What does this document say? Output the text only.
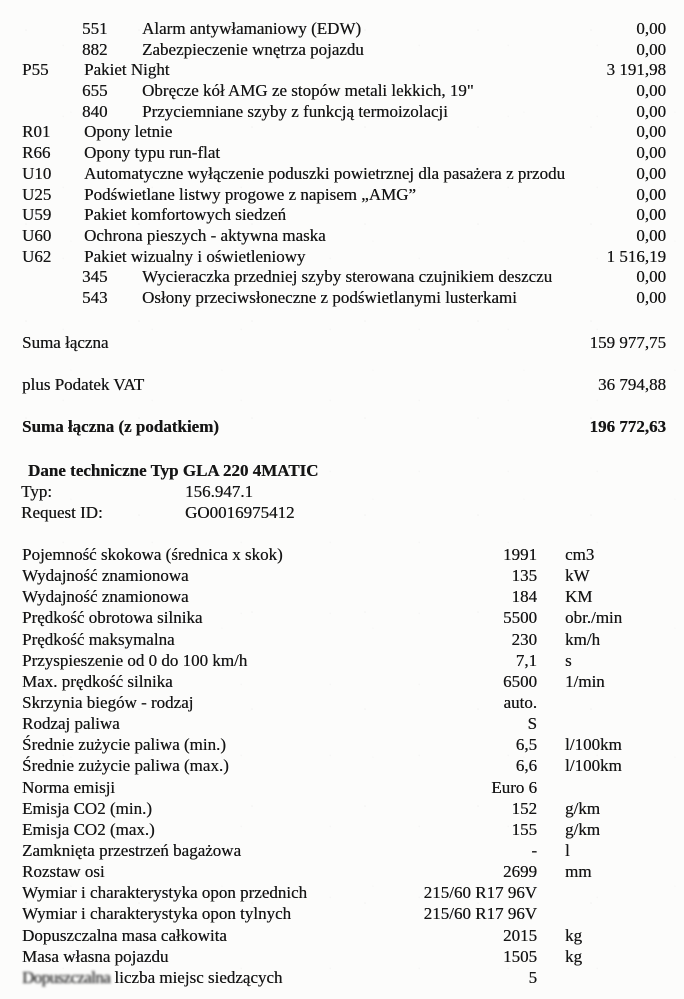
551 Alarm antywłamaniowy (EDW)	0,00
882 Zabezpieczenie wnętrza pojazdu	0,00
P55 Pakiet Night	3 191,98
655 Obręcze kół AMG ze stopów metali lekkich, 19"	0,00
840 Przyciemniane szyby z funkcją termoizolacji	0,00
R01 Opony letnie	0,00
R66 Opony typu run-flat	0,00
U10 Automatyczne wyłączenie poduszki powietrznej dla pasażera z przodu	0,00
U25 Podświetlane listwy progowe z napisem „AMG”	0,00
U59 Pakiet komfortowych siedzeń	0,00
U60 Ochrona pieszych - aktywna maska	0,00
U62 Pakiet wizualny i oświetleniowy	1 516,19
345 Wycieraczka przedniej szyby sterowana czujnikiem deszczu	0,00
543 Osłony przeciwsłoneczne z podświetlanymi lusterkami	0,00
Suma łączna	159 977,75
plus Podatek VAT	36 794,88
Suma łączna (z podatkiem)	196 772,63
Dane techniczne Typ GLA 220 4MATIC
Typ:	156.947.1
Request ID:	GO0016975412
Pojemność skokowa (średnica x skok)	1991 cm3
Wydajność znamionowa	135 kW
Wydajność znamionowa	184 KM
Prędkość obrotowa silnika	5500 obr./min
Prędkość maksymalna	230 km/h
Przyspieszenie od 0 do 100 km/h	7,1 s
Max. prędkość silnika	6500 1/min
Skrzynia biegów - rodzaj	auto.
Rodzaj paliwa	S
Średnie zużycie paliwa (min.)	6,5 l/100km
Średnie zużycie paliwa (max.)	6,6 l/100km
Norma emisji	Euro 6
Emisja CO2 (min.)	152 g/km
Emisja CO2 (max.)	155 g/km
Zamknięta przestrzeń bagażowa	- l
Rozstaw osi	2699 mm
Wymiar i charakterystyka opon przednich	215/60 R17 96V
Wymiar i charakterystyka opon tylnych	215/60 R17 96V
Dopuszczalna masa całkowita	2015 kg
Masa własna pojazdu	1505 kg
Dopuszczalna liczba miejsc siedzących	5
